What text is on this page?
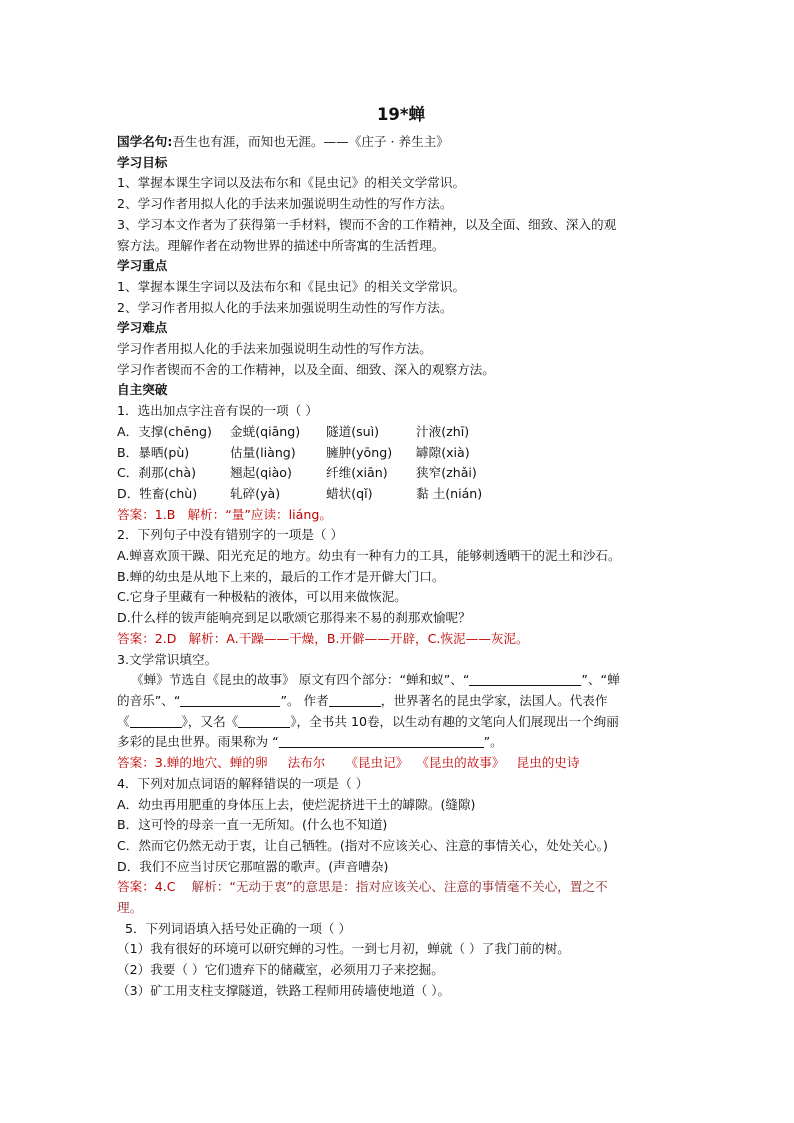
19*蝉
国学名句:吾生也有涯，而知也无涯。——《庄子 · 养生主》
学习目标
1、掌握本课生字词以及法布尔和《昆虫记》的相关文学常识。
2、学习作者用拟人化的手法来加强说明生动性的写作方法。
3、学习本文作者为了获得第一手材料，锲而不舍的工作精神，以及全面、细致、深入的观
察方法。理解作者在动物世界的描述中所寄寓的生活哲理。
学习重点
1、掌握本课生字词以及法布尔和《昆虫记》的相关文学常识。
2、学习作者用拟人化的手法来加强说明生动性的写作方法。
学习难点
学习作者用拟人化的手法来加强说明生动性的写作方法。
学习作者锲而不舍的工作精神，以及全面、细致、深入的观察方法。
自主突破
1．选出加点字注音有误的一项（ ）
A．支撑(chēng)	金蜣(qiāng)	隧道(suì)	汁液(zhī)
B．暴晒(pù)	估量(liàng)	臃肿(yōng)	罅隙(xià)
C．刹那(chà)	翘起(qiào)	纤维(xiān)	狭窄(zhǎi)
D．牲畜(chù)	轧碎(yà)	蜡状(qǐ)	黏 土(nián)
答案：1.B   解析：“量”应读：liáng。
2．下列句子中没有错别字的一项是（ ）
A.蝉喜欢顶干躁、阳光充足的地方。幼虫有一种有力的工具，能够刺透晒干的泥土和沙石。
B.蝉的幼虫是从地下上来的，最后的工作才是开僻大门口。
C.它身子里藏有一种极粘的液体，可以用来做恢泥。
D.什么样的钹声能响亮到足以歌颂它那得来不易的刹那欢愉呢？
答案：2.D   解析：A.干躁——干燥，B.开僻——开辟，C.恢泥——灰泥。
3.文学常识填空。
《蝉》节选自《昆虫的故事》 原文有四个部分：“蝉和蚁”、“	”、“蝉
的音乐”、“	”。 作者	，世界著名的昆虫学家，法国人。代表作
《	》，又名《	》，全书共 10卷，以生动有趣的文笔向人们展现出一个绚丽
多彩的昆虫世界。雨果称为 “	”。
答案：3.蝉的地穴、蝉的卵     法布尔     《昆虫记》  《昆虫的故事》   昆虫的史诗
4．下列对加点词语的解释错误的一项是（ ）
A．幼虫再用肥重的身体压上去，使烂泥挤进干土的罅隙。(缝隙)
B．这可怜的母亲一直一无所知。(什么也不知道)
C．然而它仍然无动于衷，让自己牺牲。(指对不应该关心、注意的事情关心，处处关心。)
D．我们不应当讨厌它那喧嚣的歌声。(声音嘈杂)
答案：4.C    解析：“无动于衷”的意思是：指对应该关心、注意的事情毫不关心，置之不
理。
5．下列词语填入括号处正确的一项（ ）
（1）我有很好的环境可以研究蝉的习性。一到七月初，蝉就（ ）了我门前的树。
（2）我要（ ）它们遗弃下的储藏室，必须用刀子来挖掘。
（3）矿工用支柱支撑隧道，铁路工程师用砖墙使地道（ ）。
